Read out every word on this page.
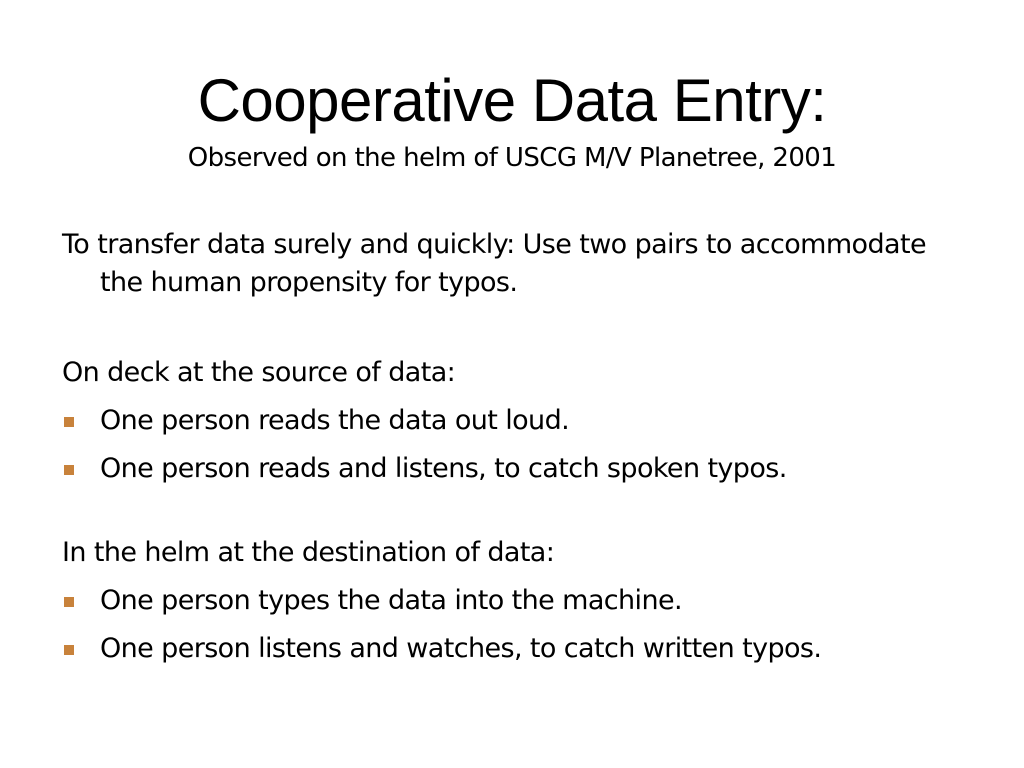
Cooperative Data Entry:
Observed on the helm of USCG M/V Planetree, 2001

To transfer data surely and quickly: Use two pairs to accommodate the human propensity for typos.

On deck at the source of data:

One person reads the data out loud.
One person reads and listens, to catch spoken typos.

In the helm at the destination of data:

One person types the data into the machine.
One person listens and watches, to catch written typos.
